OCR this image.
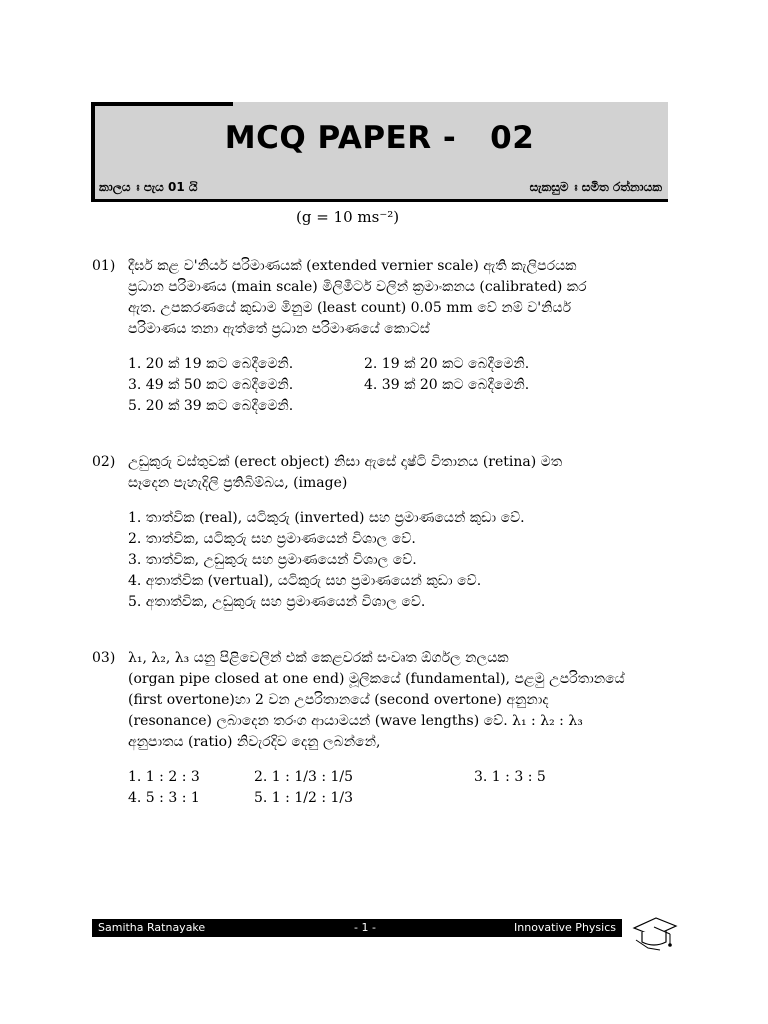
MCQ PAPER -   02
කාලය ඃ පැය 01 යි	සැකසුම ඃ සමිත රත්නායක
(g = 10 ms⁻²)
01) දීර්ඝ කළ ව'නියර් පරිමාණයක් (extended vernier scale) ඇති කැලිපරයක
ප්‍රධාන පරිමාණය (main scale) මිලිමීටර් වලින් ක්‍රමාංකනය (calibrated) කර
ඇත. උපකරණයේ කුඩාම මිනුම (least count) 0.05 mm වේ නම් ව'නියර්
පරිමාණය තනා ඇත්තේ ප්‍රධාන පරිමාණයේ කොටස්
1. 20 ක් 19 කට බෙදීමෙනි.	2. 19 ක් 20 කට බෙදීමෙනි.
3. 49 ක් 50 කට බෙදීමෙනි.	4. 39 ක් 20 කට බෙදීමෙනි.
5. 20 ක් 39 කට බෙදීමෙනි.
02) උඩුකුරු වස්තුවක් (erect object) නිසා ඇසේ දෘෂ්ටි විතානය (retina) මත
සෑදෙන පැහැදිලි ප්‍රතිබිම්බය, (image)
1. තාත්වික (real), යටිකුරු (inverted) සහ ප්‍රමාණයෙන් කුඩා වේ.
2. තාත්වික, යටිකුරු සහ ප්‍රමාණයෙන් විශාල වේ.
3. තාත්වික, උඩුකුරු සහ ප්‍රමාණයෙන් විශාල වේ.
4. අතාත්වික (vertual), යටිකුරු සහ ප්‍රමාණයෙන් කුඩා වේ.
5. අතාත්වික, උඩුකුරු සහ ප්‍රමාණයෙන් විශාල වේ.
03) λ₁, λ₂, λ₃ යනු පිළිවෙලින් එක් කෙළවරක් සංවෘත ඕර්ගල නලයක
(organ pipe closed at one end) මූලිකයේ (fundamental), පළමු උපරිතානයේ
(first overtone)හා 2 වන උපරිතානයේ (second overtone) අනුනාද
(resonance) ලබාදෙන තරංග ආයාමයන් (wave lengths) වේ. λ₁ : λ₂ : λ₃
අනුපාතය (ratio) නිවැරදිව දෙනු ලබන්නේ,
1. 1 : 2 : 3	2. 1 : 1/3 : 1/5	3. 1 : 3 : 5
4. 5 : 3 : 1	5. 1 : 1/2 : 1/3
Samitha Ratnayake	- 1 -	Innovative Physics
